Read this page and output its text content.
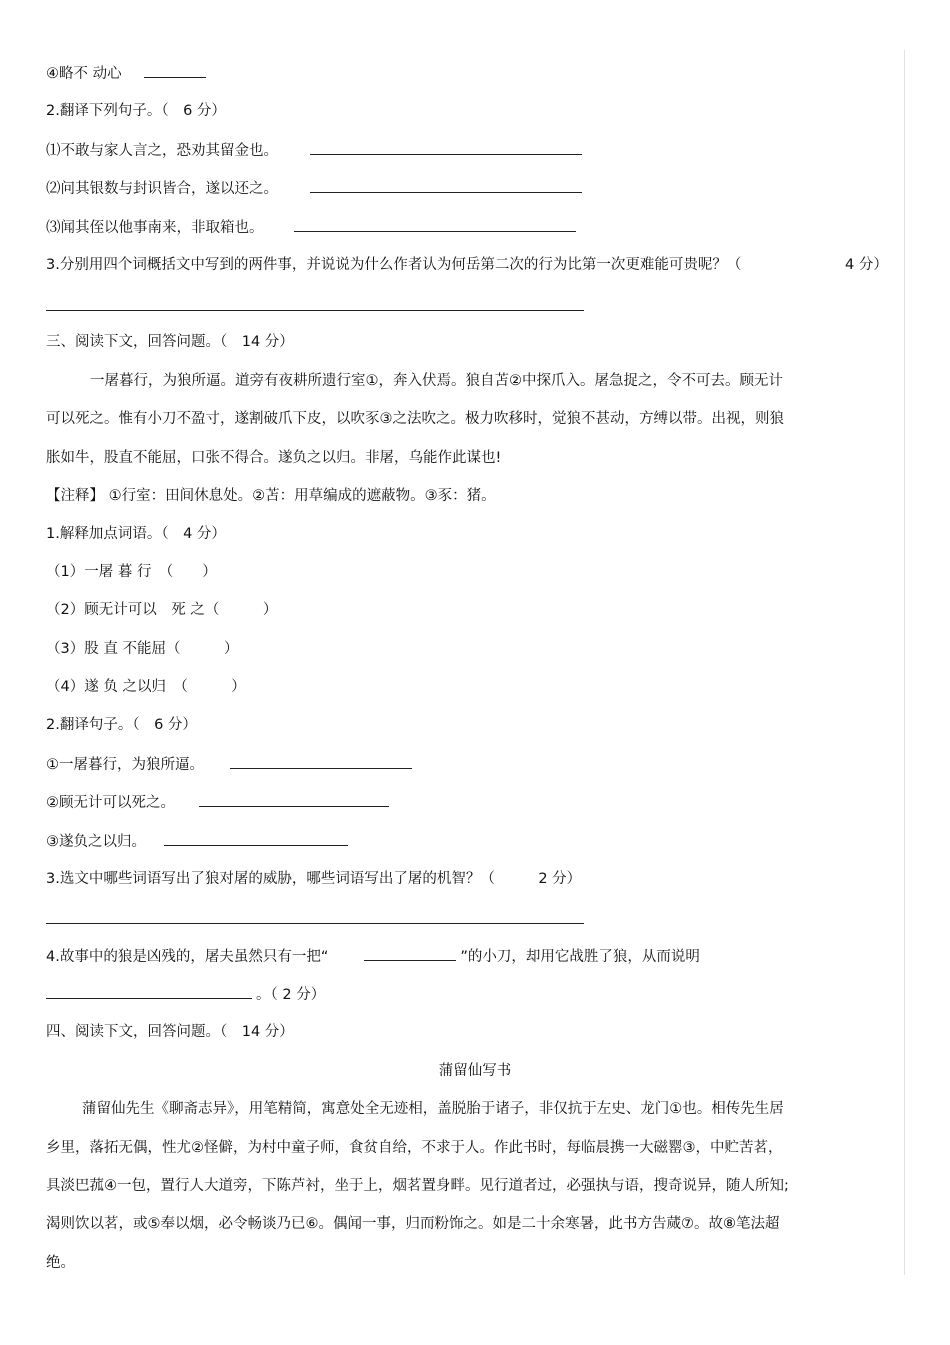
④略不 动心
2.翻译下列句子。（　6 分）
⑴不敢与家人言之，恐劝其留金也。
⑵问其银数与封识皆合，遂以还之。
⑶闻其侄以他事南来，非取箱也。
3.分别用四个词概括文中写到的两件事，并说说为什么作者认为何岳第二次的行为比第一次更难能可贵呢？（	4 分）
三、阅读下文，回答问题。（　14 分）
一屠暮行，为狼所逼。道旁有夜耕所遗行室①，奔入伏焉。狼自苫②中探爪入。屠急捉之，令不可去。顾无计
可以死之。惟有小刀不盈寸，遂割破爪下皮，以吹豕③之法吹之。极力吹移时，觉狼不甚动，方缚以带。出视，则狼
胀如牛，股直不能屈，口张不得合。遂负之以归。非屠，乌能作此谋也!
【注释】 ①行室：田间休息处。②苫：用草编成的遮蔽物。③豕：猪。
1.解释加点词语。（　4 分）
（1）一屠 暮 行　（　　）
（2）顾无计可以　死 之（　　　）
（3）股 直 不能屈（　　　）
（4）遂 负 之以归　（　　　）
2.翻译句子。（　6 分）
①一屠暮行，为狼所逼。
②顾无计可以死之。
③遂负之以归。
3.选文中哪些词语写出了狼对屠的威胁，哪些词语写出了屠的机智？（　　　2 分）
4.故事中的狼是凶残的，屠夫虽然只有一把“	”的小刀，却用它战胜了狼，从而说明
。（ 2 分）
四、阅读下文，回答问题。（　14 分）
蒲留仙写书
蒲留仙先生《聊斋志异》，用笔精简，寓意处全无迹相，盖脱胎于诸子，非仅抗于左史、龙门①也。相传先生居
乡里，落拓无偶，性尤②怪僻，为村中童子师，食贫自给，不求于人。作此书时，每临晨携一大磁罂③，中贮苦茗，
具淡巴菰④一包，置行人大道旁，下陈芦衬，坐于上，烟茗置身畔。见行道者过，必强执与语，搜奇说异，随人所知;
渴则饮以茗，或⑤奉以烟，必令畅谈乃已⑥。偶闻一事，归而粉饰之。如是二十余寒暑，此书方告蒇⑦。故⑧笔法超
绝。
